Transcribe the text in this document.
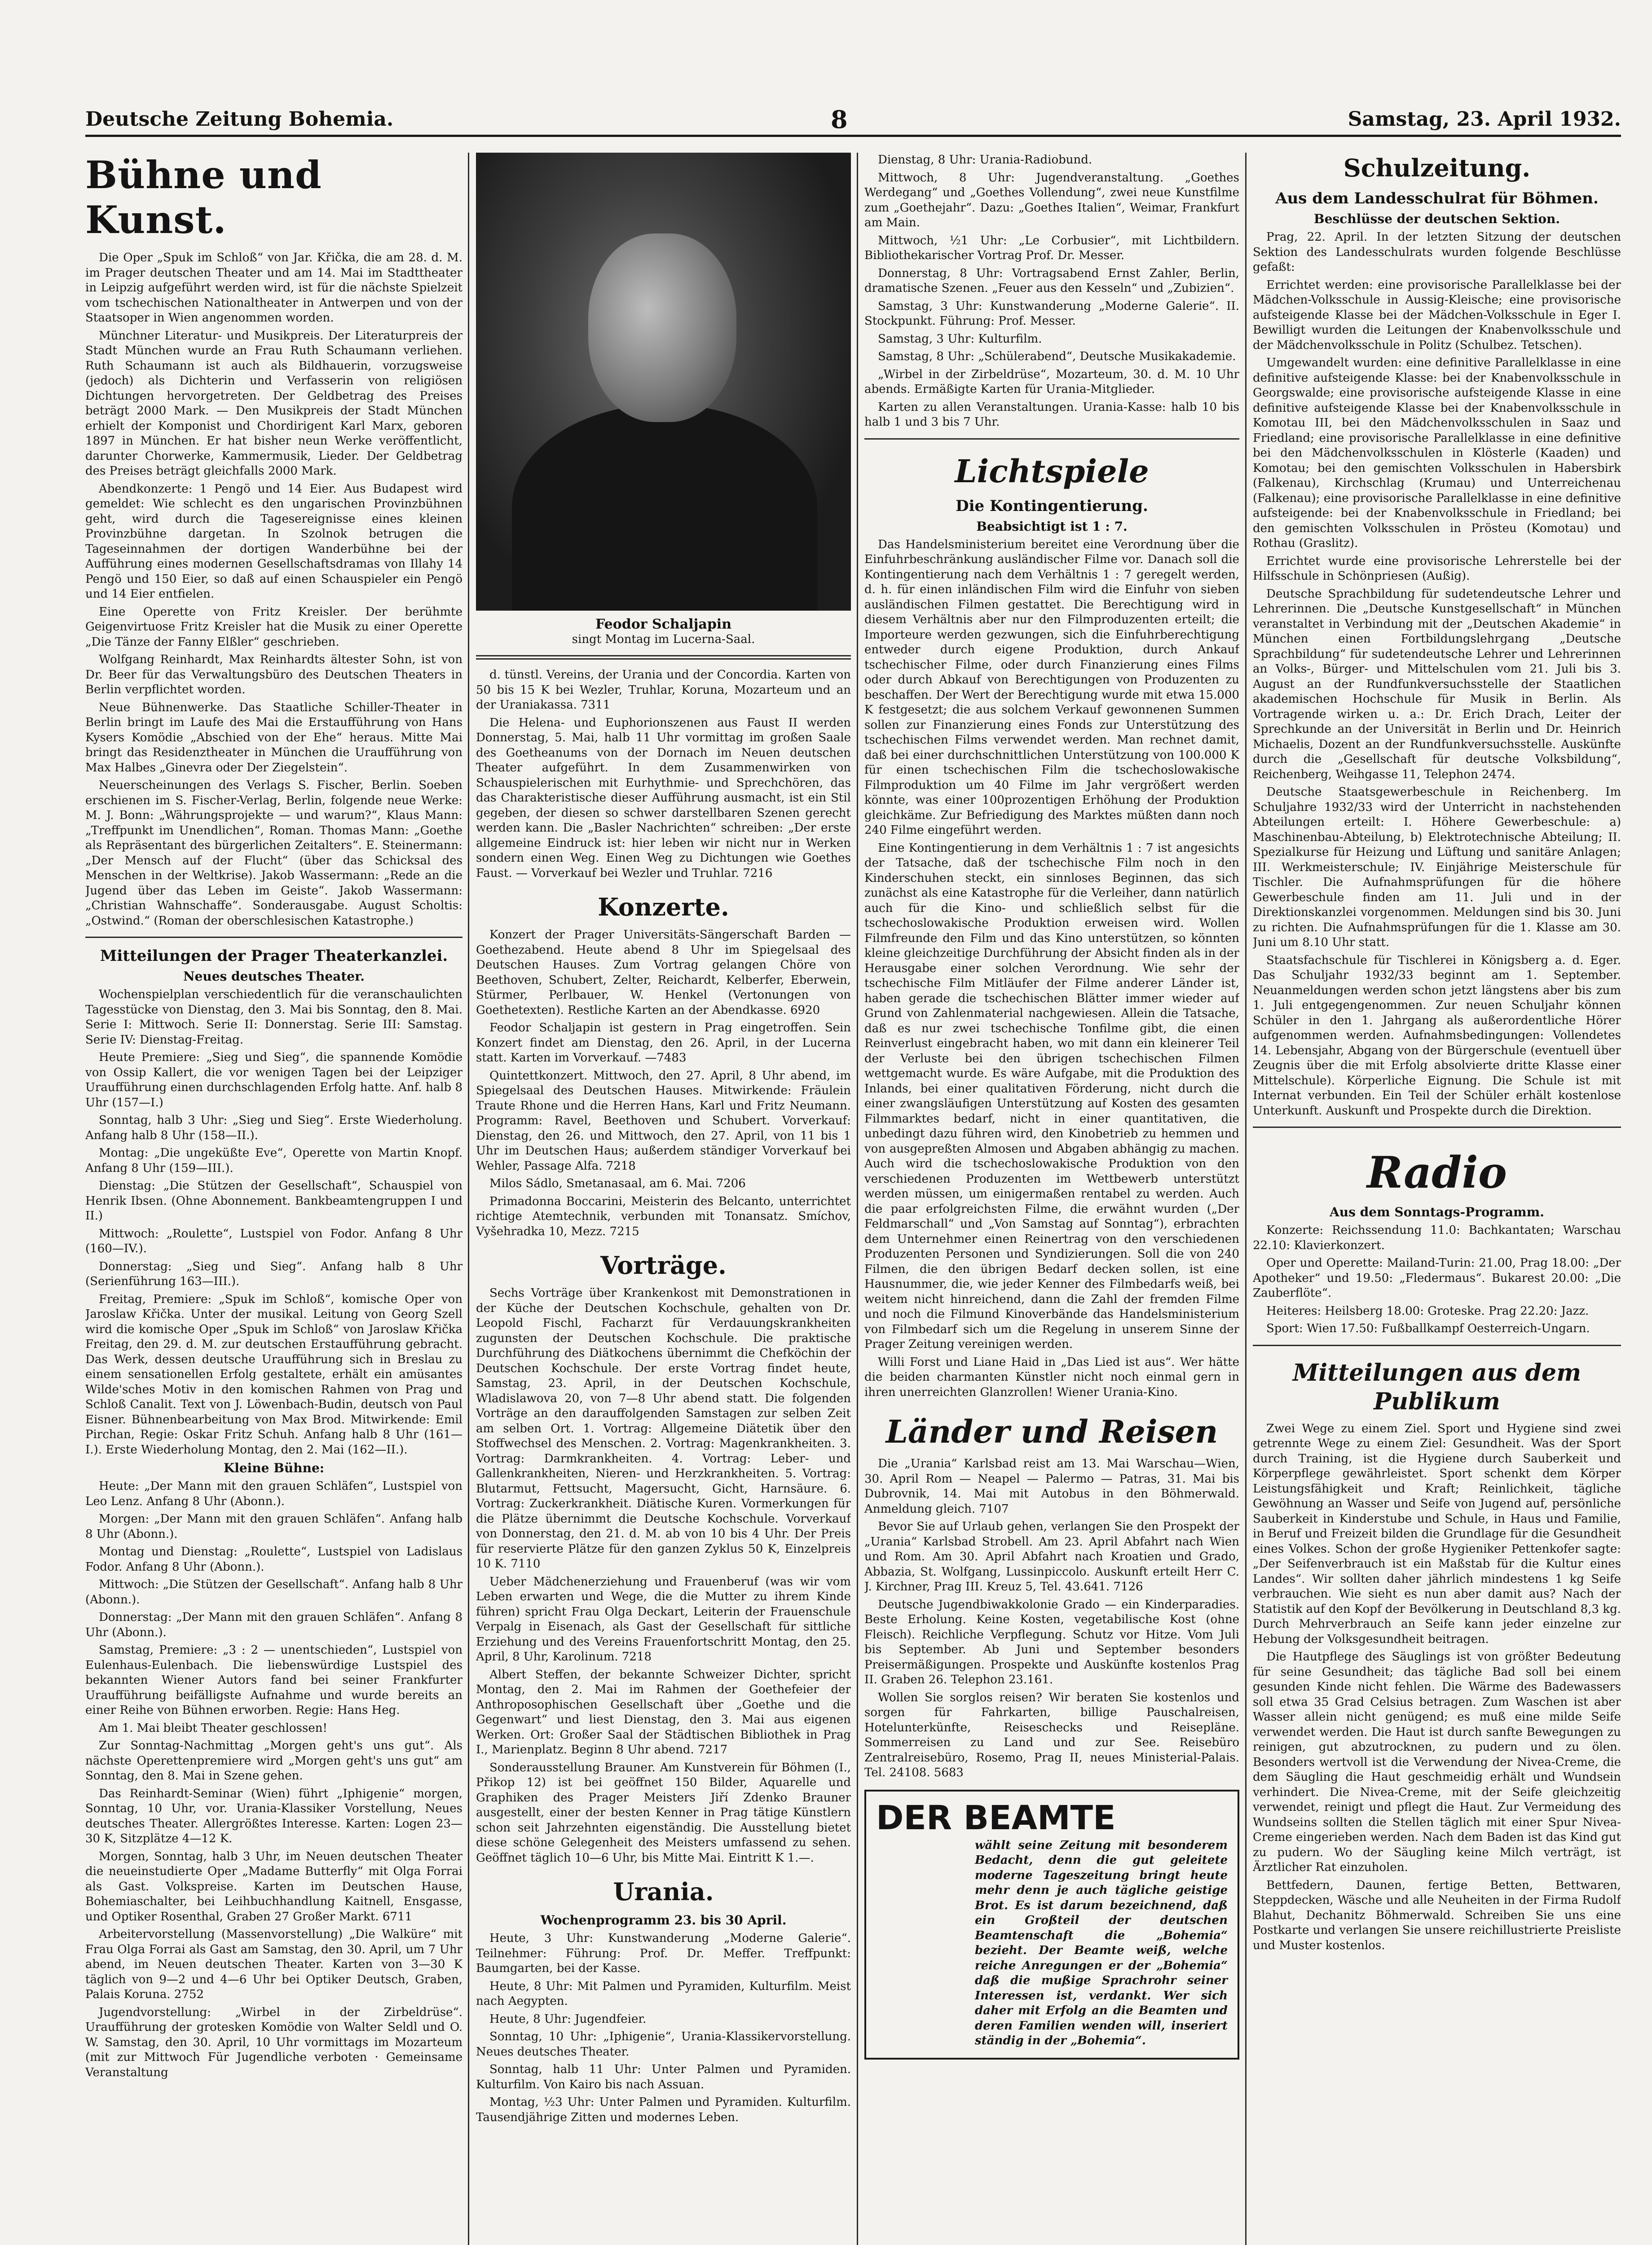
Deutsche Zeitung Bohemia.	8	Samstag, 23. April 1932.
Bühne und Kunst.

Die Oper „Spuk im Schloß“ von Jar. Křička, die am 28. d. M. im Prager deutschen Theater und am 14. Mai im Stadttheater in Leipzig aufgeführt werden wird, ist für die nächste Spielzeit vom tschechischen Nationaltheater in Antwerpen und von der Staatsoper in Wien angenommen worden.

Münchner Literatur- und Musikpreis. Der Literaturpreis der Stadt München wurde an Frau Ruth Schaumann verliehen. Ruth Schaumann ist auch als Bildhauerin, vorzugsweise (jedoch) als Dichterin und Verfasserin von religiösen Dichtungen hervorgetreten. Der Geldbetrag des Preises beträgt 2000 Mark. — Den Musikpreis der Stadt München erhielt der Komponist und Chordirigent Karl Marx, geboren 1897 in München. Er hat bisher neun Werke veröffentlicht, darunter Chorwerke, Kammermusik, Lieder. Der Geldbetrag des Preises beträgt gleichfalls 2000 Mark.

Abendkonzerte: 1 Pengö und 14 Eier. Aus Budapest wird gemeldet: Wie schlecht es den ungarischen Provinzbühnen geht, wird durch die Tagesereignisse eines kleinen Provinzbühne dargetan. In Szolnok betrugen die Tageseinnahmen der dortigen Wanderbühne bei der Aufführung eines modernen Gesellschaftsdramas von Illahy 14 Pengö und 150 Eier, so daß auf einen Schauspieler ein Pengö und 14 Eier entfielen.

Eine Operette von Fritz Kreisler. Der berühmte Geigenvirtuose Fritz Kreisler hat die Musik zu einer Operette „Die Tänze der Fanny Elßler“ geschrieben.

Wolfgang Reinhardt, Max Reinhardts ältester Sohn, ist von Dr. Beer für das Verwaltungsbüro des Deutschen Theaters in Berlin verpflichtet worden.

Neue Bühnenwerke. Das Staatliche Schiller-Theater in Berlin bringt im Laufe des Mai die Erstaufführung von Hans Kysers Komödie „Abschied von der Ehe“ heraus. Mitte Mai bringt das Residenztheater in München die Uraufführung von Max Halbes „Ginevra oder Der Ziegelstein“.

Neuerscheinungen des Verlags S. Fischer, Berlin. Soeben erschienen im S. Fischer-Verlag, Berlin, folgende neue Werke: M. J. Bonn: „Währungsprojekte — und warum?“, Klaus Mann: „Treffpunkt im Unendlichen“, Roman. Thomas Mann: „Goethe als Repräsentant des bürgerlichen Zeitalters“. E. Steinermann: „Der Mensch auf der Flucht“ (über das Schicksal des Menschen in der Weltkrise). Jakob Wassermann: „Rede an die Jugend über das Leben im Geiste“. Jakob Wassermann: „Christian Wahnschaffe“. Sonderausgabe. August Scholtis: „Ostwind.“ (Roman der oberschlesischen Katastrophe.)

Mitteilungen der Prager Theaterkanzlei.
Neues deutsches Theater.

Wochenspielplan verschiedentlich für die veranschaulichten Tagesstücke von Dienstag, den 3. Mai bis Sonntag, den 8. Mai. Serie I: Mittwoch. Serie II: Donnerstag. Serie III: Samstag. Serie IV: Dienstag-Freitag.

Heute Premiere: „Sieg und Sieg“, die spannende Komödie von Ossip Kallert, die vor wenigen Tagen bei der Leipziger Uraufführung einen durchschlagenden Erfolg hatte. Anf. halb 8 Uhr (157—I.)

Sonntag, halb 3 Uhr: „Sieg und Sieg“. Erste Wiederholung. Anfang halb 8 Uhr (158—II.).

Montag: „Die ungeküßte Eve“, Operette von Martin Knopf. Anfang 8 Uhr (159—III.).

Dienstag: „Die Stützen der Gesellschaft“, Schauspiel von Henrik Ibsen. (Ohne Abonnement. Bankbeamtengruppen I und II.)

Mittwoch: „Roulette“, Lustspiel von Fodor. Anfang 8 Uhr (160—IV.).

Donnerstag: „Sieg und Sieg“. Anfang halb 8 Uhr (Serienführung 163—III.).

Freitag, Premiere: „Spuk im Schloß“, komische Oper von Jaroslaw Křička. Unter der musikal. Leitung von Georg Szell wird die komische Oper „Spuk im Schloß“ von Jaroslaw Křička Freitag, den 29. d. M. zur deutschen Erstaufführung gebracht. Das Werk, dessen deutsche Uraufführung sich in Breslau zu einem sensationellen Erfolg gestaltete, erhält ein amüsantes Wilde'sches Motiv in den komischen Rahmen von Prag und Schloß Canalit. Text von J. Löwenbach-Budin, deutsch von Paul Eisner. Bühnenbearbeitung von Max Brod. Mitwirkende: Emil Pirchan, Regie: Oskar Fritz Schuh. Anfang halb 8 Uhr (161—I.). Erste Wiederholung Montag, den 2. Mai (162—II.).

Kleine Bühne:

Heute: „Der Mann mit den grauen Schläfen“, Lustspiel von Leo Lenz. Anfang 8 Uhr (Abonn.).

Morgen: „Der Mann mit den grauen Schläfen“. Anfang halb 8 Uhr (Abonn.).

Montag und Dienstag: „Roulette“, Lustspiel von Ladislaus Fodor. Anfang 8 Uhr (Abonn.).

Mittwoch: „Die Stützen der Gesellschaft“. Anfang halb 8 Uhr (Abonn.).

Donnerstag: „Der Mann mit den grauen Schläfen“. Anfang 8 Uhr (Abonn.).

Samstag, Premiere: „3 : 2 — unentschieden“, Lustspiel von Eulenhaus-Eulenbach. Die liebenswürdige Lustspiel des bekannten Wiener Autors fand bei seiner Frankfurter Uraufführung beifälligste Aufnahme und wurde bereits an einer Reihe von Bühnen erworben. Regie: Hans Heg.

Am 1. Mai bleibt Theater geschlossen!

Zur Sonntag-Nachmittag „Morgen geht's uns gut“. Als nächste Operettenpremiere wird „Morgen geht's uns gut“ am Sonntag, den 8. Mai in Szene gehen.

Das Reinhardt-Seminar (Wien) führt „Iphigenie“ morgen, Sonntag, 10 Uhr, vor. Urania-Klassiker Vorstellung, Neues deutsches Theater. Allergrößtes Interesse. Karten: Logen 23—30 K, Sitzplätze 4—12 K.

Morgen, Sonntag, halb 3 Uhr, im Neuen deutschen Theater die neueinstudierte Oper „Madame Butterfly“ mit Olga Forrai als Gast. Volkspreise. Karten im Deutschen Hause, Bohemiaschalter, bei Leihbuchhandlung Kaitnell, Ensgasse, und Optiker Rosenthal, Graben 27 Großer Markt. 6711

Arbeitervorstellung (Massenvorstellung) „Die Walküre“ mit Frau Olga Forrai als Gast am Samstag, den 30. April, um 7 Uhr abend, im Neuen deutschen Theater. Karten von 3—30 K täglich von 9—2 und 4—6 Uhr bei Optiker Deutsch, Graben, Palais Koruna. 2752

Jugendvorstellung: „Wirbel in der Zirbeldrüse“. Uraufführung der grotesken Komödie von Walter Seldl und O. W. Samstag, den 30. April, 10 Uhr vormittags im Mozarteum (mit zur Mittwoch Für Jugendliche verboten · Gemeinsame Veranstaltung

Feodor Schaljapin
singt Montag im Lucerna-Saal.

d. tünstl. Vereins, der Urania und der Concordia. Karten von 50 bis 15 K bei Wezler, Truhlar, Koruna, Mozarteum und an der Uraniakassa. 7311

Die Helena- und Euphorionszenen aus Faust II werden Donnerstag, 5. Mai, halb 11 Uhr vormittag im großen Saale des Goetheanums von der Dornach im Neuen deutschen Theater aufgeführt. In dem Zusammenwirken von Schauspielerischen mit Eurhythmie- und Sprechchören, das das Charakteristische dieser Aufführung ausmacht, ist ein Stil gegeben, der diesen so schwer darstellbaren Szenen gerecht werden kann. Die „Basler Nachrichten“ schreiben: „Der erste allgemeine Eindruck ist: hier leben wir nicht nur in Werken sondern einen Weg. Einen Weg zu Dichtungen wie Goethes Faust. — Vorverkauf bei Wezler und Truhlar. 7216

Konzerte.

Konzert der Prager Universitäts-Sängerschaft Barden — Goethezabend. Heute abend 8 Uhr im Spiegelsaal des Deutschen Hauses. Zum Vortrag gelangen Chöre von Beethoven, Schubert, Zelter, Reichardt, Kelberfer, Eberwein, Stürmer, Perlbauer, W. Henkel (Vertonungen von Goethetexten). Restliche Karten an der Abendkasse. 6920

Feodor Schaljapin ist gestern in Prag eingetroffen. Sein Konzert findet am Dienstag, den 26. April, in der Lucerna statt. Karten im Vorverkauf. —7483

Quintettkonzert. Mittwoch, den 27. April, 8 Uhr abend, im Spiegelsaal des Deutschen Hauses. Mitwirkende: Fräulein Traute Rhone und die Herren Hans, Karl und Fritz Neumann. Programm: Ravel, Beethoven und Schubert. Vorverkauf: Dienstag, den 26. und Mittwoch, den 27. April, von 11 bis 1 Uhr im Deutschen Haus; außerdem ständiger Vorverkauf bei Wehler, Passage Alfa. 7218

Milos Sádlo, Smetanasaal, am 6. Mai. 7206

Primadonna Boccarini, Meisterin des Belcanto, unterrichtet richtige Atemtechnik, verbunden mit Tonansatz. Smíchov, Vyšehradka 10, Mezz. 7215

Vorträge.

Sechs Vorträge über Krankenkost mit Demonstrationen in der Küche der Deutschen Kochschule, gehalten von Dr. Leopold Fischl, Facharzt für Verdauungskrankheiten zugunsten der Deutschen Kochschule. Die praktische Durchführung des Diätkochens übernimmt die Chefköchin der Deutschen Kochschule. Der erste Vortrag findet heute, Samstag, 23. April, in der Deutschen Kochschule, Wladislawova 20, von 7—8 Uhr abend statt. Die folgenden Vorträge an den darauffolgenden Samstagen zur selben Zeit am selben Ort. 1. Vortrag: Allgemeine Diätetik über den Stoffwechsel des Menschen. 2. Vortrag: Magenkrankheiten. 3. Vortrag: Darmkrankheiten. 4. Vortrag: Leber- und Gallenkrankheiten, Nieren- und Herzkrankheiten. 5. Vortrag: Blutarmut, Fettsucht, Magersucht, Gicht, Harnsäure. 6. Vortrag: Zuckerkrankheit. Diätische Kuren. Vormerkungen für die Plätze übernimmt die Deutsche Kochschule. Vorverkauf von Donnerstag, den 21. d. M. ab von 10 bis 4 Uhr. Der Preis für reservierte Plätze für den ganzen Zyklus 50 K, Einzelpreis 10 K. 7110

Ueber Mädchenerziehung und Frauenberuf (was wir vom Leben erwarten und Wege, die die Mutter zu ihrem Kinde führen) spricht Frau Olga Deckart, Leiterin der Frauenschule Verpalg in Eisenach, als Gast der Gesellschaft für sittliche Erziehung und des Vereins Frauenfortschritt Montag, den 25. April, 8 Uhr, Karolinum. 7218

Albert Steffen, der bekannte Schweizer Dichter, spricht Montag, den 2. Mai im Rahmen der Goethefeier der Anthroposophischen Gesellschaft über „Goethe und die Gegenwart“ und liest Dienstag, den 3. Mai aus eigenen Werken. Ort: Großer Saal der Städtischen Bibliothek in Prag I., Marienplatz. Beginn 8 Uhr abend. 7217

Sonderausstellung Brauner. Am Kunstverein für Böhmen (I., Přikop 12) ist bei geöffnet 150 Bilder, Aquarelle und Graphiken des Prager Meisters Jiří Zdenko Brauner ausgestellt, einer der besten Kenner in Prag tätige Künstlern schon seit Jahrzehnten eigenständig. Die Ausstellung bietet diese schöne Gelegenheit des Meisters umfassend zu sehen. Geöffnet täglich 10—6 Uhr, bis Mitte Mai. Eintritt K 1.—.

Urania.
Wochenprogramm 23. bis 30 April.

Heute, 3 Uhr: Kunstwanderung „Moderne Galerie“. Teilnehmer: Führung: Prof. Dr. Meffer. Treffpunkt: Baumgarten, bei der Kasse.

Heute, 8 Uhr: Mit Palmen und Pyramiden, Kulturfilm. Meist nach Aegypten.

Heute, 8 Uhr: Jugendfeier.

Sonntag, 10 Uhr: „Iphigenie“, Urania-Klassikervorstellung. Neues deutsches Theater.

Sonntag, halb 11 Uhr: Unter Palmen und Pyramiden. Kulturfilm. Von Kairo bis nach Assuan.

Montag, ½3 Uhr: Unter Palmen und Pyramiden. Kulturfilm. Tausendjährige Zitten und modernes Leben.

Dienstag, 8 Uhr: Urania-Radiobund.

Mittwoch, 8 Uhr: Jugendveranstaltung. „Goethes Werdegang“ und „Goethes Vollendung“, zwei neue Kunstfilme zum „Goethejahr“. Dazu: „Goethes Italien“, Weimar, Frankfurt am Main.

Mittwoch, ½1 Uhr: „Le Corbusier“, mit Lichtbildern. Bibliothekarischer Vortrag Prof. Dr. Messer.

Donnerstag, 8 Uhr: Vortragsabend Ernst Zahler, Berlin, dramatische Szenen. „Feuer aus den Kesseln“ und „Zubizien“.

Samstag, 3 Uhr: Kunstwanderung „Moderne Galerie“. II. Stockpunkt. Führung: Prof. Messer.

Samstag, 3 Uhr: Kulturfilm.

Samstag, 8 Uhr: „Schülerabend“, Deutsche Musikakademie.

„Wirbel in der Zirbeldrüse“, Mozarteum, 30. d. M. 10 Uhr abends. Ermäßigte Karten für Urania-Mitglieder.

Karten zu allen Veranstaltungen. Urania-Kasse: halb 10 bis halb 1 und 3 bis 7 Uhr.

Lichtspiele
Die Kontingentierung.
Beabsichtigt ist 1 : 7.

Das Handelsministerium bereitet eine Verordnung über die Einfuhrbeschränkung ausländischer Filme vor. Danach soll die Kontingentierung nach dem Verhältnis 1 : 7 geregelt werden, d. h. für einen inländischen Film wird die Einfuhr von sieben ausländischen Filmen gestattet. Die Berechtigung wird in diesem Verhältnis aber nur den Filmproduzenten erteilt; die Importeure werden gezwungen, sich die Einfuhrberechtigung entweder durch eigene Produktion, durch Ankauf tschechischer Filme, oder durch Finanzierung eines Films oder durch Abkauf von Berechtigungen von Produzenten zu beschaffen. Der Wert der Berechtigung wurde mit etwa 15.000 K festgesetzt; die aus solchem Verkauf gewonnenen Summen sollen zur Finanzierung eines Fonds zur Unterstützung des tschechischen Films verwendet werden. Man rechnet damit, daß bei einer durchschnittlichen Unterstützung von 100.000 K für einen tschechischen Film die tschechoslowakische Filmproduktion um 40 Filme im Jahr vergrößert werden könnte, was einer 100prozentigen Erhöhung der Produktion gleichkäme. Zur Befriedigung des Marktes müßten dann noch 240 Filme eingeführt werden.

Eine Kontingentierung in dem Verhältnis 1 : 7 ist angesichts der Tatsache, daß der tschechische Film noch in den Kinderschuhen steckt, ein sinnloses Beginnen, das sich zunächst als eine Katastrophe für die Verleiher, dann natürlich auch für die Kino- und schließlich selbst für die tschechoslowakische Produktion erweisen wird. Wollen Filmfreunde den Film und das Kino unterstützen, so könnten kleine gleichzeitige Durchführung der Absicht finden als in der Herausgabe einer solchen Verordnung. Wie sehr der tschechische Film Mitläufer der Filme anderer Länder ist, haben gerade die tschechischen Blätter immer wieder auf Grund von Zahlenmaterial nachgewiesen. Allein die Tatsache, daß es nur zwei tschechische Tonfilme gibt, die einen Reinverlust eingebracht haben, wo mit dann ein kleinerer Teil der Verluste bei den übrigen tschechischen Filmen wettgemacht wurde. Es wäre Aufgabe, mit die Produktion des Inlands, bei einer qualitativen Förderung, nicht durch die einer zwangsläufigen Unterstützung auf Kosten des gesamten Filmmarktes bedarf, nicht in einer quantitativen, die unbedingt dazu führen wird, den Kinobetrieb zu hemmen und von ausgepreßten Almosen und Abgaben abhängig zu machen. Auch wird die tschechoslowakische Produktion von den verschiedenen Produzenten im Wettbewerb unterstützt werden müssen, um einigermaßen rentabel zu werden. Auch die paar erfolgreichsten Filme, die erwähnt wurden („Der Feldmarschall“ und „Von Samstag auf Sonntag“), erbrachten dem Unternehmer einen Reinertrag von den verschiedenen Produzenten Personen und Syndizierungen. Soll die von 240 Filmen, die den übrigen Bedarf decken sollen, ist eine Hausnummer, die, wie jeder Kenner des Filmbedarfs weiß, bei weitem nicht hinreichend, dann die Zahl der fremden Filme und noch die Filmund Kinoverbände das Handelsministerium von Filmbedarf sich um die Regelung in unserem Sinne der Prager Zeitung vereinigen werden.

Willi Forst und Liane Haid in „Das Lied ist aus“. Wer hätte die beiden charmanten Künstler nicht noch einmal gern in ihren unerreichten Glanzrollen! Wiener Urania-Kino.

Länder und Reisen

Die „Urania“ Karlsbad reist am 13. Mai Warschau—Wien, 30. April Rom — Neapel — Palermo — Patras, 31. Mai bis Dubrovnik, 14. Mai mit Autobus in den Böhmerwald. Anmeldung gleich. 7107

Bevor Sie auf Urlaub gehen, verlangen Sie den Prospekt der „Urania“ Karlsbad Strobell. Am 23. April Abfahrt nach Wien und Rom. Am 30. April Abfahrt nach Kroatien und Grado, Abbazia, St. Wolfgang, Lussinpiccolo. Auskunft erteilt Herr C. J. Kirchner, Prag III. Kreuz 5, Tel. 43.641. 7126

Deutsche Jugendbiwakkolonie Grado — ein Kinderparadies. Beste Erholung. Keine Kosten, vegetabilische Kost (ohne Fleisch). Reichliche Verpflegung. Schutz vor Hitze. Vom Juli bis September. Ab Juni und September besonders Preisermäßigungen. Prospekte und Auskünfte kostenlos Prag II. Graben 26. Telephon 23.161.

Wollen Sie sorglos reisen? Wir beraten Sie kostenlos und sorgen für Fahrkarten, billige Pauschalreisen, Hotelunterkünfte, Reiseschecks und Reisepläne. Sommerreisen zu Land und zur See. Reisebüro Zentralreisebüro, Rosemo, Prag II, neues Ministerial-Palais. Tel. 24108. 5683

DER BEAMTE

wählt seine Zeitung mit besonderem Bedacht, denn die gut geleitete moderne Tageszeitung bringt heute mehr denn je auch tägliche geistige Brot. Es ist darum bezeichnend, daß ein Großteil der deutschen Beamtenschaft die „Bohemia“ bezieht. Der Beamte weiß, welche reiche Anregungen er der „Bohemia“ daß die mußige Sprachrohr seiner Interessen ist, verdankt. Wer sich daher mit Erfolg an die Beamten und deren Familien wenden will, inseriert ständig in der „Bohemia“.

Schulzeitung.
Aus dem Landesschulrat für Böhmen.
Beschlüsse der deutschen Sektion.

Prag, 22. April. In der letzten Sitzung der deutschen Sektion des Landesschulrats wurden folgende Beschlüsse gefaßt:

Errichtet werden: eine provisorische Parallelklasse bei der Mädchen-Volksschule in Aussig-Kleische; eine provisorische aufsteigende Klasse bei der Mädchen-Volksschule in Eger I. Bewilligt wurden die Leitungen der Knabenvolksschule und der Mädchenvolksschule in Politz (Schulbez. Tetschen).

Umgewandelt wurden: eine definitive Parallelklasse in eine definitive aufsteigende Klasse: bei der Knabenvolksschule in Georgswalde; eine provisorische aufsteigende Klasse in eine definitive aufsteigende Klasse bei der Knabenvolksschule in Komotau III, bei den Mädchenvolksschulen in Saaz und Friedland; eine provisorische Parallelklasse in eine definitive bei den Mädchenvolksschulen in Klösterle (Kaaden) und Komotau; bei den gemischten Volksschulen in Habersbirk (Falkenau), Kirchschlag (Krumau) und Unterreichenau (Falkenau); eine provisorische Parallelklasse in eine definitive aufsteigende: bei der Knabenvolksschule in Friedland; bei den gemischten Volksschulen in Prösteu (Komotau) und Rothau (Graslitz).

Errichtet wurde eine provisorische Lehrerstelle bei der Hilfsschule in Schönpriesen (Außig).

Deutsche Sprachbildung für sudetendeutsche Lehrer und Lehrerinnen. Die „Deutsche Kunstgesellschaft“ in München veranstaltet in Verbindung mit der „Deutschen Akademie“ in München einen Fortbildungslehrgang „Deutsche Sprachbildung“ für sudetendeutsche Lehrer und Lehrerinnen an Volks-, Bürger- und Mittelschulen vom 21. Juli bis 3. August an der Rundfunkversuchsstelle der Staatlichen akademischen Hochschule für Musik in Berlin. Als Vortragende wirken u. a.: Dr. Erich Drach, Leiter der Sprechkunde an der Universität in Berlin und Dr. Heinrich Michaelis, Dozent an der Rundfunkversuchsstelle. Auskünfte durch die „Gesellschaft für deutsche Volksbildung“, Reichenberg, Weihgasse 11, Telephon 2474.

Deutsche Staatsgewerbeschule in Reichenberg. Im Schuljahre 1932/33 wird der Unterricht in nachstehenden Abteilungen erteilt: I. Höhere Gewerbeschule: a) Maschinenbau-Abteilung, b) Elektrotechnische Abteilung; II. Spezialkurse für Heizung und Lüftung und sanitäre Anlagen; III. Werkmeisterschule; IV. Einjährige Meisterschule für Tischler. Die Aufnahmsprüfungen für die höhere Gewerbeschule finden am 11. Juli und in der Direktionskanzlei vorgenommen. Meldungen sind bis 30. Juni zu richten. Die Aufnahmsprüfungen für die 1. Klasse am 30. Juni um 8.10 Uhr statt.

Staatsfachschule für Tischlerei in Königsberg a. d. Eger. Das Schuljahr 1932/33 beginnt am 1. September. Neuanmeldungen werden schon jetzt längstens aber bis zum 1. Juli entgegengenommen. Zur neuen Schuljahr können Schüler in den 1. Jahrgang als außerordentliche Hörer aufgenommen werden. Aufnahmsbedingungen: Vollendetes 14. Lebensjahr, Abgang von der Bürgerschule (eventuell über Zeugnis über die mit Erfolg absolvierte dritte Klasse einer Mittelschule). Körperliche Eignung. Die Schule ist mit Internat verbunden. Ein Teil der Schüler erhält kostenlose Unterkunft. Auskunft und Prospekte durch die Direktion.

Radio
Aus dem Sonntags-Programm.

Konzerte: Reichssendung 11.0: Bachkantaten; Warschau 22.10: Klavierkonzert.

Oper und Operette: Mailand-Turin: 21.00, Prag 18.00: „Der Apotheker“ und 19.50: „Fledermaus“. Bukarest 20.00: „Die Zauberflöte“.

Heiteres: Heilsberg 18.00: Groteske. Prag 22.20: Jazz.

Sport: Wien 17.50: Fußballkampf Oesterreich-Ungarn.

Mitteilungen aus dem Publikum

Zwei Wege zu einem Ziel. Sport und Hygiene sind zwei getrennte Wege zu einem Ziel: Gesundheit. Was der Sport durch Training, ist die Hygiene durch Sauberkeit und Körperpflege gewährleistet. Sport schenkt dem Körper Leistungsfähigkeit und Kraft; Reinlichkeit, tägliche Gewöhnung an Wasser und Seife von Jugend auf, persönliche Sauberkeit in Kinderstube und Schule, in Haus und Familie, in Beruf und Freizeit bilden die Grundlage für die Gesundheit eines Volkes. Schon der große Hygieniker Pettenkofer sagte: „Der Seifenverbrauch ist ein Maßstab für die Kultur eines Landes“. Wir sollten daher jährlich mindestens 1 kg Seife verbrauchen. Wie sieht es nun aber damit aus? Nach der Statistik auf den Kopf der Bevölkerung in Deutschland 8,3 kg. Durch Mehrverbrauch an Seife kann jeder einzelne zur Hebung der Volksgesundheit beitragen.

Die Hautpflege des Säuglings ist von größter Bedeutung für seine Gesundheit; das tägliche Bad soll bei einem gesunden Kinde nicht fehlen. Die Wärme des Badewassers soll etwa 35 Grad Celsius betragen. Zum Waschen ist aber Wasser allein nicht genügend; es muß eine milde Seife verwendet werden. Die Haut ist durch sanfte Bewegungen zu reinigen, gut abzutrocknen, zu pudern und zu ölen. Besonders wertvoll ist die Verwendung der Nivea-Creme, die dem Säugling die Haut geschmeidig erhält und Wundsein verhindert. Die Nivea-Creme, mit der Seife gleichzeitig verwendet, reinigt und pflegt die Haut. Zur Vermeidung des Wundseins sollten die Stellen täglich mit einer Spur Nivea-Creme eingerieben werden. Nach dem Baden ist das Kind gut zu pudern. Wo der Säugling keine Milch verträgt, ist Ärztlicher Rat einzuholen.

Bettfedern, Daunen, fertige Betten, Bettwaren, Steppdecken, Wäsche und alle Neuheiten in der Firma Rudolf Blahut, Dechanitz Böhmerwald. Schreiben Sie uns eine Postkarte und verlangen Sie unsere reichillustrierte Preisliste und Muster kostenlos.
